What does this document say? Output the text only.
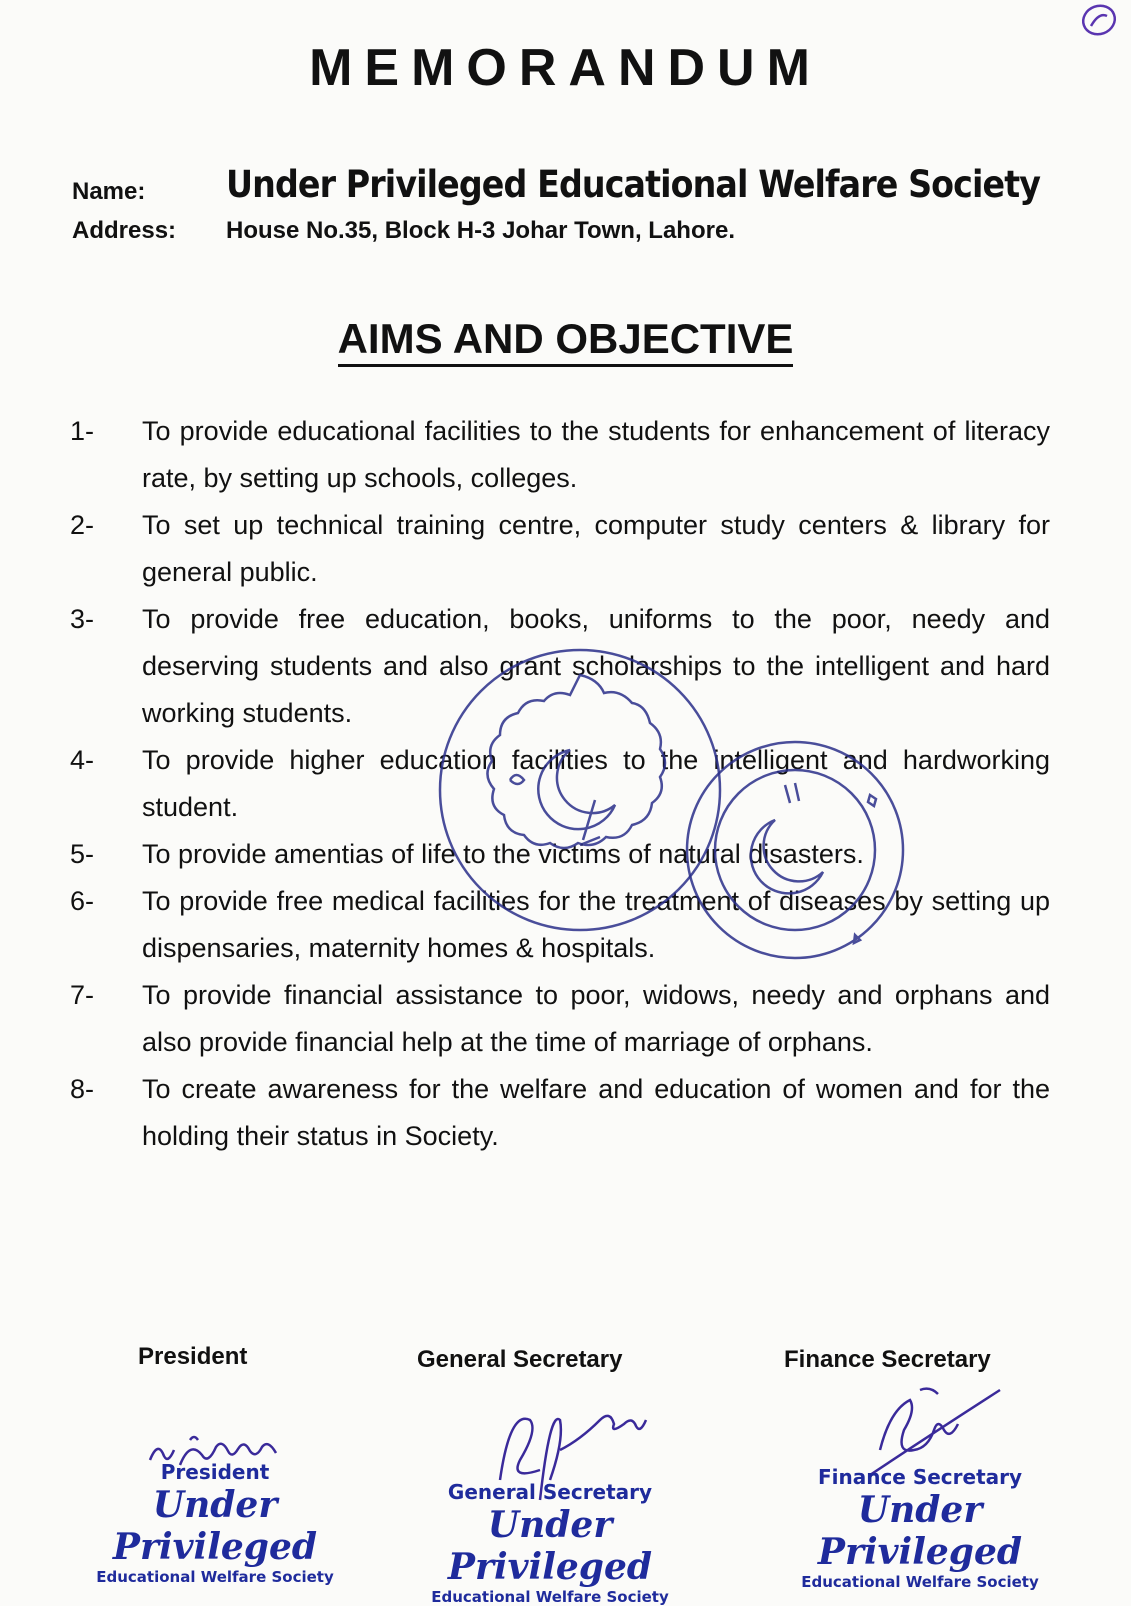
MEMORANDUM
Name: Under Privileged Educational Welfare Society
Address: House No.35, Block H-3 Johar Town, Lahore.
AIMS AND OBJECTIVE
1-	To provide educational facilities to the students for enhancement of literacy rate, by setting up schools, colleges.
2-	To set up technical training centre, computer study centers & library for general public.
3-	To provide free education, books, uniforms to the poor, needy and deserving students and also grant scholarships to the intelligent and hard working students.
4-	To provide higher education facilities to the intelligent and hardworking student.
5-	To provide amentias of life to the victims of natural disasters.
6-	To provide free medical facilities for the treatment of diseases by setting up dispensaries, maternity homes & hospitals.
7-	To provide financial assistance to poor, widows, needy and orphans and also provide financial help at the time of marriage of orphans.
8-	To create awareness for the welfare and education of women and for the holding their status in Society.
President	General Secretary	Finance Secretary
President
Under Privileged
Educational Welfare Society
General Secretary
Under Privileged
Educational Welfare Society
Finance Secretary
Under Privileged
Educational Welfare Society
